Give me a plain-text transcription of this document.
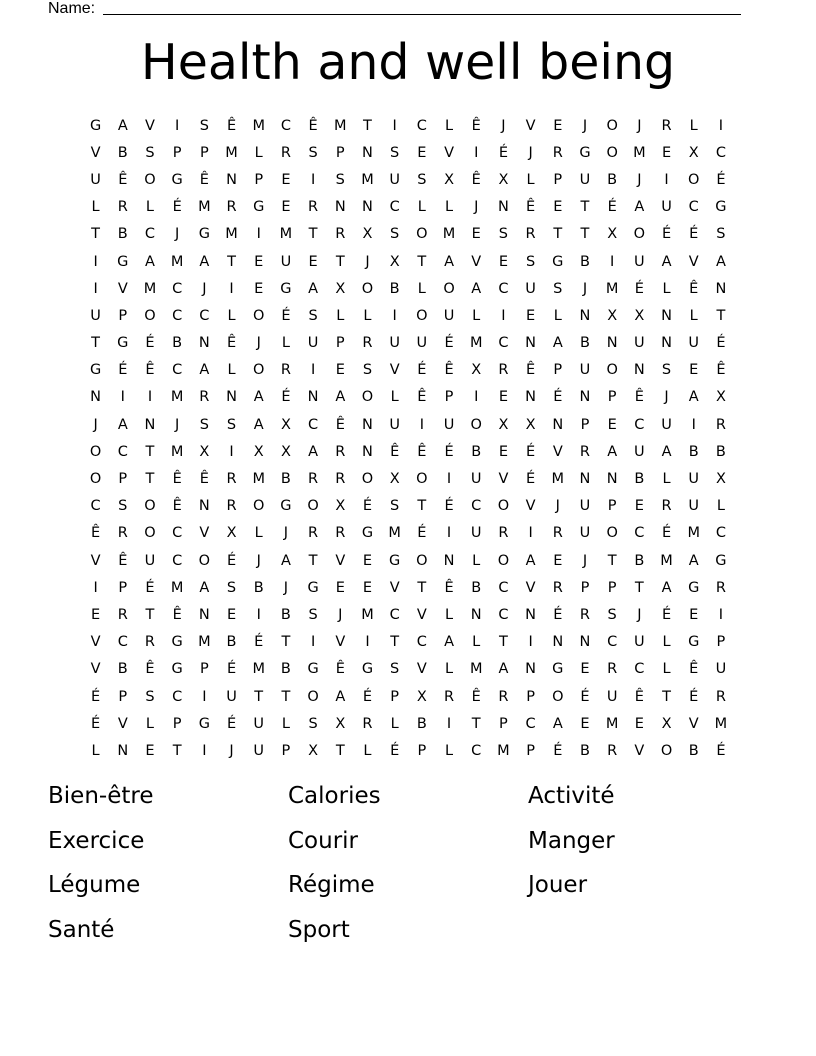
Name:
Health and well being
G	A	V	I	S	Ê	M	C	Ê	M	T	I	C	L	Ê	J	V	E	J	O	J	R	L	I
V	B	S	P	P	M	L	R	S	P	N	S	E	V	I	É	J	R	G	O	M	E	X	C
U	Ê	O	G	Ê	N	P	E	I	S	M	U	S	X	Ê	X	L	P	U	B	J	I	O	É
L	R	L	É	M	R	G	E	R	N	N	C	L	L	J	N	Ê	E	T	É	A	U	C	G
T	B	C	J	G	M	I	M	T	R	X	S	O	M	E	S	R	T	T	X	O	É	É	S
I	G	A	M	A	T	E	U	E	T	J	X	T	A	V	E	S	G	B	I	U	A	V	A
I	V	M	C	J	I	E	G	A	X	O	B	L	O	A	C	U	S	J	M	É	L	Ê	N
U	P	O	C	C	L	O	É	S	L	L	I	O	U	L	I	E	L	N	X	X	N	L	T
T	G	É	B	N	Ê	J	L	U	P	R	U	U	É	M	C	N	A	B	N	U	N	U	É
G	É	Ê	C	A	L	O	R	I	E	S	V	É	Ê	X	R	Ê	P	U	O	N	S	E	Ê
N	I	I	M	R	N	A	É	N	A	O	L	Ê	P	I	E	N	É	N	P	Ê	J	A	X
J	A	N	J	S	S	A	X	C	Ê	N	U	I	U	O	X	X	N	P	E	C	U	I	R
O	C	T	M	X	I	X	X	A	R	N	Ê	Ê	É	B	E	É	V	R	A	U	A	B	B
O	P	T	Ê	Ê	R	M	B	R	R	O	X	O	I	U	V	É	M	N	N	B	L	U	X
C	S	O	Ê	N	R	O	G	O	X	É	S	T	É	C	O	V	J	U	P	E	R	U	L
Ê	R	O	C	V	X	L	J	R	R	G	M	É	I	U	R	I	R	U	O	C	É	M	C
V	Ê	U	C	O	É	J	A	T	V	E	G	O	N	L	O	A	E	J	T	B	M	A	G
I	P	É	M	A	S	B	J	G	E	E	V	T	Ê	B	C	V	R	P	P	T	A	G	R
E	R	T	Ê	N	E	I	B	S	J	M	C	V	L	N	C	N	É	R	S	J	É	E	I
V	C	R	G	M	B	É	T	I	V	I	T	C	A	L	T	I	N	N	C	U	L	G	P
V	B	Ê	G	P	É	M	B	G	Ê	G	S	V	L	M	A	N	G	E	R	C	L	Ê	U
É	P	S	C	I	U	T	T	O	A	É	P	X	R	Ê	R	P	O	É	U	Ê	T	É	R
É	V	L	P	G	É	U	L	S	X	R	L	B	I	T	P	C	A	E	M	E	X	V	M
L	N	E	T	I	J	U	P	X	T	L	É	P	L	C	M	P	É	B	R	V	O	B	É
Bien-être	Calories	Activité
Exercice	Courir	Manger
Légume	Régime	Jouer
Santé	Sport
